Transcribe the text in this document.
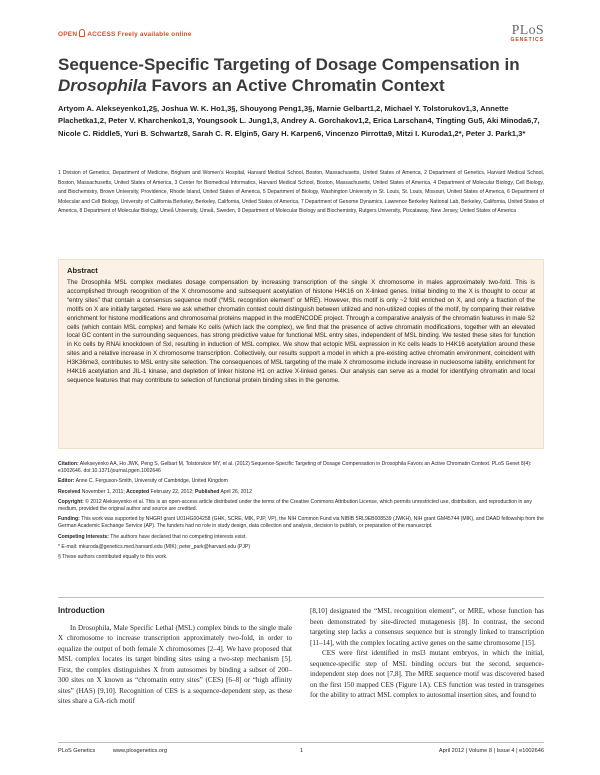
OPEN ACCESS Freely available online	PLoS
GENETICS
Sequence-Specific Targeting of Dosage Compensation in Drosophila Favors an Active Chromatin Context
Artyom A. Alekseyenko1,2§, Joshua W. K. Ho1,3§, Shouyong Peng1,3§, Marnie Gelbart1,2, Michael Y. Tolstorukov1,3, Annette Plachetka1,2, Peter V. Kharchenko1,3, Youngsook L. Jung1,3, Andrey A. Gorchakov1,2, Erica Larschan4, Tingting Gu5, Aki Minoda6,7, Nicole C. Riddle5, Yuri B. Schwartz8, Sarah C. R. Elgin5, Gary H. Karpen6, Vincenzo Pirrotta9, Mitzi I. Kuroda1,2*, Peter J. Park1,3*
1 Division of Genetics, Department of Medicine, Brigham and Women's Hospital, Harvard Medical School, Boston, Massachusetts, United States of America, 2 Department of Genetics, Harvard Medical School, Boston, Massachusetts, United States of America, 3 Center for Biomedical Informatics, Harvard Medical School, Boston, Massachusetts, United States of America, 4 Department of Molecular Biology, Cell Biology, and Biochemistry, Brown University, Providence, Rhode Island, United States of America, 5 Department of Biology, Washington University in St. Louis, St. Louis, Missouri, United States of America, 6 Department of Molecular and Cell Biology, University of California Berkeley, Berkeley, California, United States of America, 7 Department of Genome Dynamics, Lawrence Berkeley National Lab, Berkeley, California, United States of America, 8 Department of Molecular Biology, Umeå University, Umeå, Sweden, 9 Department of Molecular Biology and Biochemistry, Rutgers University, Piscataway, New Jersey, United States of America
Abstract
The Drosophila MSL complex mediates dosage compensation by increasing transcription of the single X chromosome in males approximately two-fold. This is accomplished through recognition of the X chromosome and subsequent acetylation of histone H4K16 on X-linked genes. Initial binding to the X is thought to occur at “entry sites” that contain a consensus sequence motif (“MSL recognition element” or MRE). However, this motif is only ~2 fold enriched on X, and only a fraction of the motifs on X are initially targeted. Here we ask whether chromatin context could distinguish between utilized and non-utilized copies of the motif, by comparing their relative enrichment for histone modifications and chromosomal proteins mapped in the modENCODE project. Through a comparative analysis of the chromatin features in male S2 cells (which contain MSL complex) and female Kc cells (which lack the complex), we find that the presence of active chromatin modifications, together with an elevated local GC content in the surrounding sequences, has strong predictive value for functional MSL entry sites, independent of MSL binding. We tested these sites for function in Kc cells by RNAi knockdown of Sxl, resulting in induction of MSL complex. We show that ectopic MSL expression in Kc cells leads to H4K16 acetylation around these sites and a relative increase in X chromosome transcription. Collectively, our results support a model in which a pre-existing active chromatin environment, coincident with H3K36me3, contributes to MSL entry site selection. The consequences of MSL targeting of the male X chromosome include increase in nucleosome lability, enrichment for H4K16 acetylation and JIL-1 kinase, and depletion of linker histone H1 on active X-linked genes. Our analysis can serve as a model for identifying chromatin and local sequence features that may contribute to selection of functional protein binding sites in the genome.

Citation: Alekseyenko AA, Ho JWK, Peng S, Gelbart M, Tolstorukov MY, et al. (2012) Sequence-Specific Targeting of Dosage Compensation in Drosophila Favors an Active Chromatin Context. PLoS Genet 8(4): e1002646. doi:10.1371/journal.pgen.1002646

Editor: Anne C. Ferguson-Smith, University of Cambridge, United Kingdom

Received November 1, 2011; Accepted February 22, 2012; Published April 26, 2012

Copyright: © 2012 Alekseyenko et al. This is an open-access article distributed under the terms of the Creative Commons Attribution License, which permits unrestricted use, distribution, and reproduction in any medium, provided the original author and source are credited.

Funding: This work was supported by NHGRI grant U01HG004258 (GHK, SCRE, MIK, PJP, VP), the NIH Common Fund via NIBIB 5RL9EB008539 (JWKH), NIH grant GM45744 (MIK), and DAAD fellowship from the German Academic Exchange Service (AP). The funders had no role in study design, data collection and analysis, decision to publish, or preparation of the manuscript.

Competing Interests: The authors have declared that no competing interests exist.

* E-mail: mkuroda@genetics.med.harvard.edu (MIK); peter_park@harvard.edu (PJP)

§ These authors contributed equally to this work.

Introduction

In Drosophila, Male Specific Lethal (MSL) complex binds to the single male X chromosome to increase transcription approximately two-fold, in order to equalize the output of both female X chromosomes [2–4]. We have proposed that MSL complex locates its target binding sites using a two-step mechanism [5]. First, the complex distinguishes X from autosomes by binding a subset of 200–300 sites on X known as “chromatin entry sites” (CES) [6–8] or “high affinity sites” (HAS) [9,10]. Recognition of CES is a sequence-dependent step, as these sites share a GA-rich motif

[8,10] designated the “MSL recognition element”, or MRE, whose function has been demonstrated by site-directed mutagenesis [8]. In contrast, the second targeting step lacks a consensus sequence but is strongly linked to transcription [11–14], with the complex locating active genes on the same chromosome [15].

CES were first identified in msl3 mutant embryos, in which the initial, sequence-specific step of MSL binding occurs but the second, sequence-independent step does not [7,8]. The MRE sequence motif was discovered based on the first 150 mapped CES (Figure 1A). CES function was tested in transgenes for the ability to attract MSL complex to autosomal insertion sites, and found to

PLoS Genetics	www.plosgenetics.org	1	April 2012 | Volume 8 | Issue 4 | e1002646
